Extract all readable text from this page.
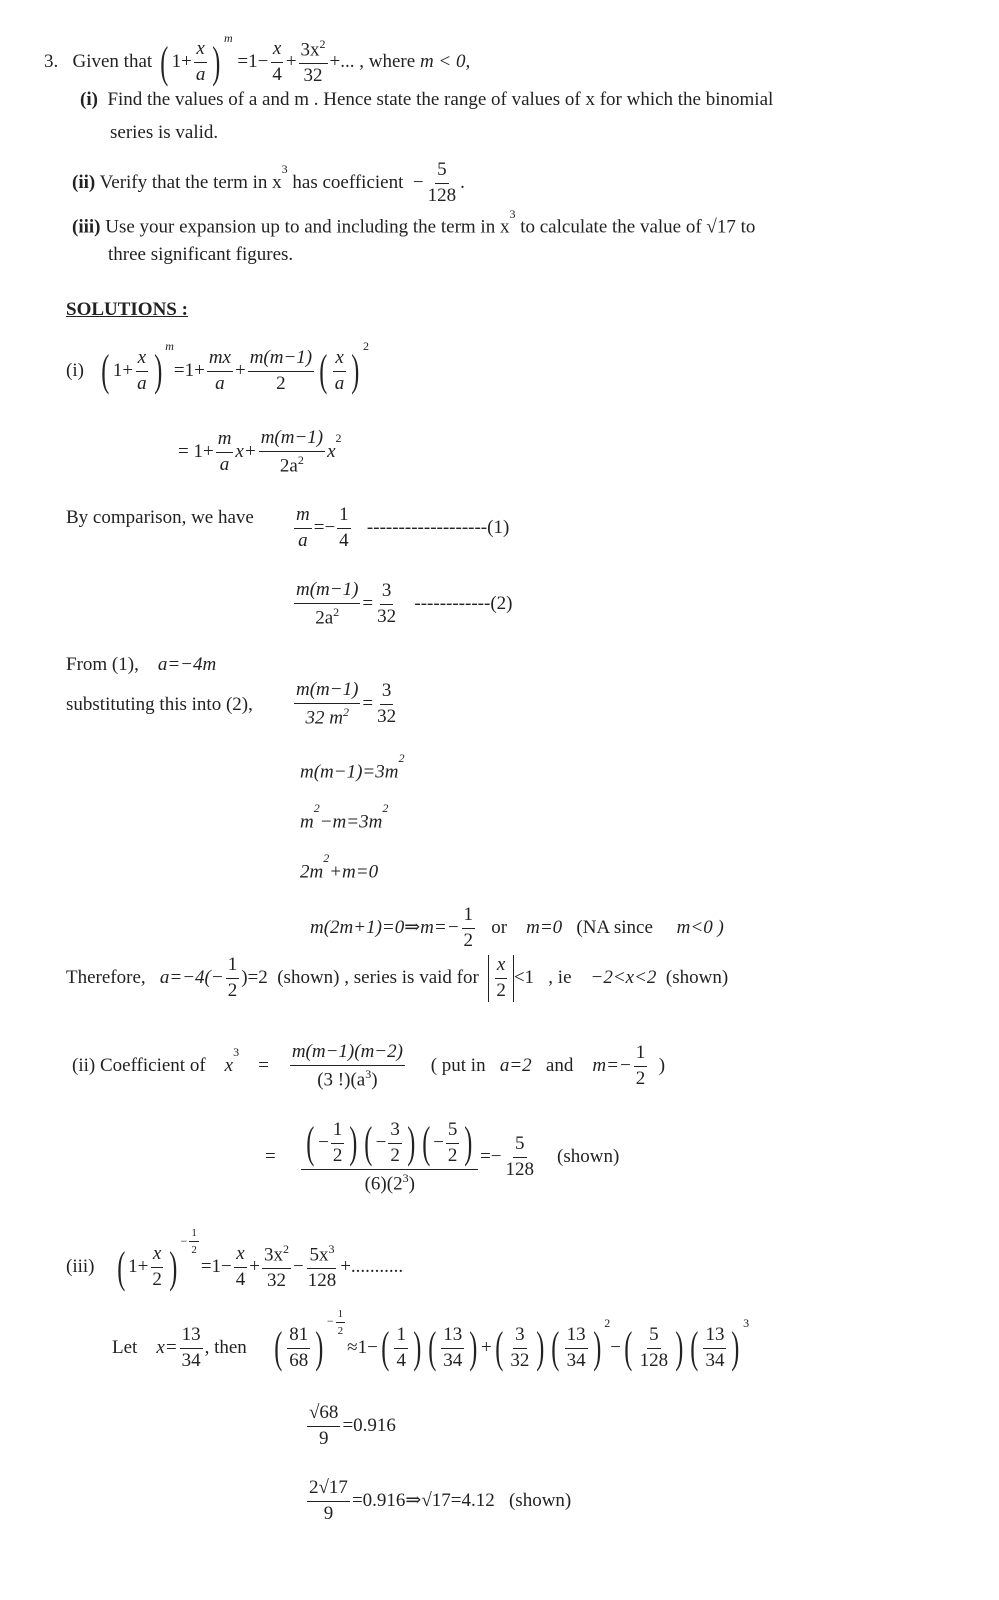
3. Given that ( $1+ \frac{x}{a}$ ) $^m =1- \frac{x}{4} + \frac{3x^2}{32}$ +... , where m < 0,
(i) Find the values of a and m . Hence state the range of values of x for which the binomial
series is valid.
(ii) Verify that the term in $x^3$ has coefficient − $\frac{5}{128}$ .
(iii) Use your expansion up to and including the term in $x^3$ to calculate the value of √17 to
three significant figures.
SOLUTIONS :
(i) ( $1+ \frac{x}{a}$ ) $^m=1+ \frac{mx}{a} + \frac{m(m-1)}{2}$ ( $\frac{x}{a}$ ) $^2$
= $1+ \frac{m}{a} x+ \frac{m(m-1)}{2a^2} x^2$
By comparison, we have $\frac{m}{a} =- \frac{1}{4} -------------------(1)$
$\frac{m(m-1)}{2a^2} = \frac{3}{32} ------------(2)$
From (1), a=−4m
substituting this into (2), $\frac{m(m-1)}{32 m^2} = \frac{3}{32}$
$m(m-1)=3m^2$
$m^2-m=3m^2$
$2m^2+m=0$
m(2m+1)=0⇒m=− $\frac{1}{2}$ or m=0 (NA since m<0 )
Therefore, $a=-4(- \frac{1}{2} )=2$ (shown) , series is vaid for $\frac{x}{2} <1$ , ie −2<x<2 (shown)
(ii) Coefficient of $x^3$    = $\frac{m(m-1)(m-2)}{(3 !)(a^3)}$ ( put in a=2 and $m=- \frac{1}{2}$ )
= $\frac{( - \frac{1}{2} ) ( - \frac{3}{2} ) ( - \frac{5}{2} )}{(6)(2^3)} =- \frac{5}{128}$ (shown)
(iii) ( $1+ \frac{x}{2} )^{- \frac{1}{2}}$
$=1- \frac{x}{4} + \frac{3x^2}{32} - \frac{5x^3}{128}$ +...........
Let $x= \frac{13}{34}$ , then ( $\frac{81}{68} )^{- \frac{1}{2}}$
$\approx 1-( \frac{1}{4}$ ) ( $\frac{13}{34}$ ) +( $\frac{3}{32}$ ) ( $\frac{13}{34}$ ) $^2-( \frac{5}{128}$ ) ( $\frac{13}{34}$ ) $^3$
$\frac{√68}{9} =0.916$
$\frac{2√17}{9}$ =0.916⇒√17=4.12 (shown)
